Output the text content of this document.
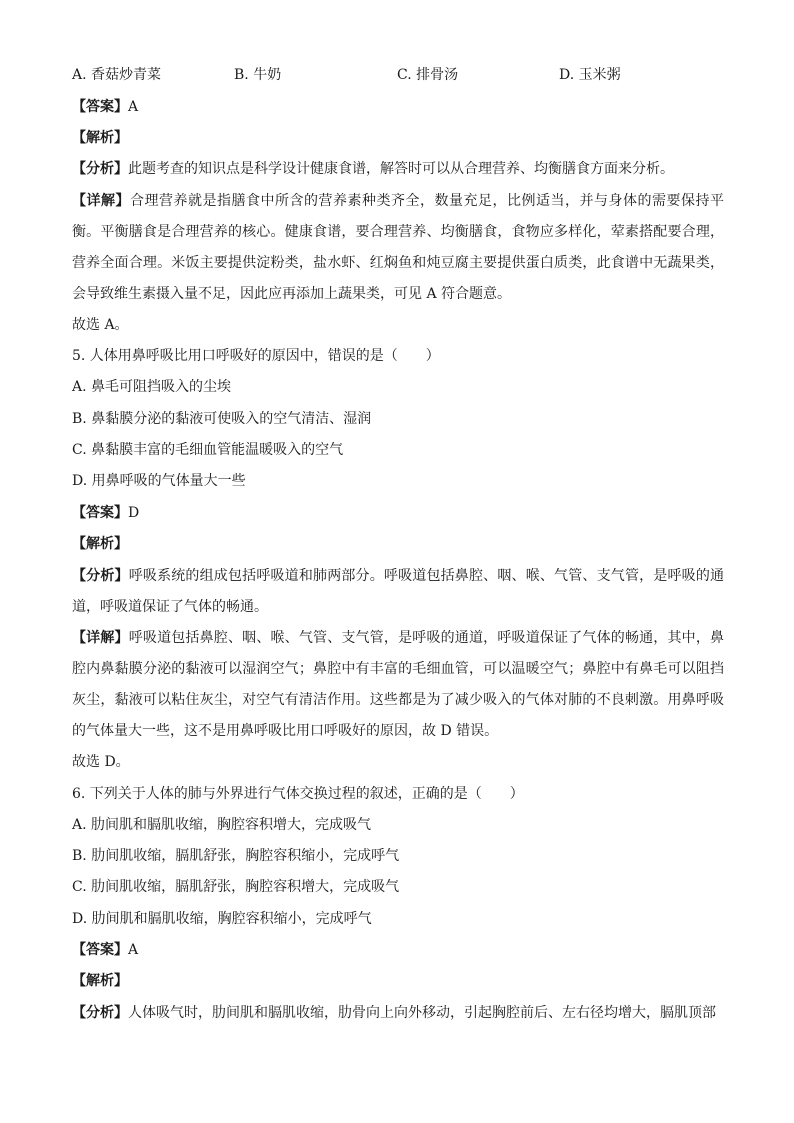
A. 香菇炒青菜	B. 牛奶	C. 排骨汤	D. 玉米粥
【答案】A
【解析】
【分析】此题考查的知识点是科学设计健康食谱，解答时可以从合理营养、均衡膳食方面来分析。
【详解】合理营养就是指膳食中所含的营养素种类齐全，数量充足，比例适当，并与身体的需要保持平衡。平衡膳食是合理营养的核心。健康食谱，要合理营养、均衡膳食，食物应多样化，荤素搭配要合理，营养全面合理。米饭主要提供淀粉类，盐水虾、红焖鱼和炖豆腐主要提供蛋白质类，此食谱中无蔬果类，会导致维生素摄入量不足，因此应再添加上蔬果类，可见 A 符合题意。
故选 A。
5. 人体用鼻呼吸比用口呼吸好的原因中，错误的是（　　）
A. 鼻毛可阻挡吸入的尘埃
B. 鼻黏膜分泌的黏液可使吸入的空气清洁、湿润
C. 鼻黏膜丰富的毛细血管能温暖吸入的空气
D. 用鼻呼吸的气体量大一些
【答案】D
【解析】
【分析】呼吸系统的组成包括呼吸道和肺两部分。呼吸道包括鼻腔、咽、喉、气管、支气管，是呼吸的通道，呼吸道保证了气体的畅通。
【详解】呼吸道包括鼻腔、咽、喉、气管、支气管，是呼吸的通道，呼吸道保证了气体的畅通，其中，鼻腔内鼻黏膜分泌的黏液可以湿润空气；鼻腔中有丰富的毛细血管，可以温暖空气；鼻腔中有鼻毛可以阻挡灰尘，黏液可以粘住灰尘，对空气有清洁作用。这些都是为了减少吸入的气体对肺的不良刺激。用鼻呼吸的气体量大一些，这不是用鼻呼吸比用口呼吸好的原因，故 D 错误。
故选 D。
6. 下列关于人体的肺与外界进行气体交换过程的叙述，正确的是（　　）
A. 肋间肌和膈肌收缩，胸腔容积增大，完成吸气
B. 肋间肌收缩，膈肌舒张，胸腔容积缩小，完成呼气
C. 肋间肌收缩，膈肌舒张，胸腔容积增大，完成吸气
D. 肋间肌和膈肌收缩，胸腔容积缩小，完成呼气
【答案】A
【解析】
【分析】人体吸气时，肋间肌和膈肌收缩，肋骨向上向外移动，引起胸腔前后、左右径均增大，膈肌顶部
